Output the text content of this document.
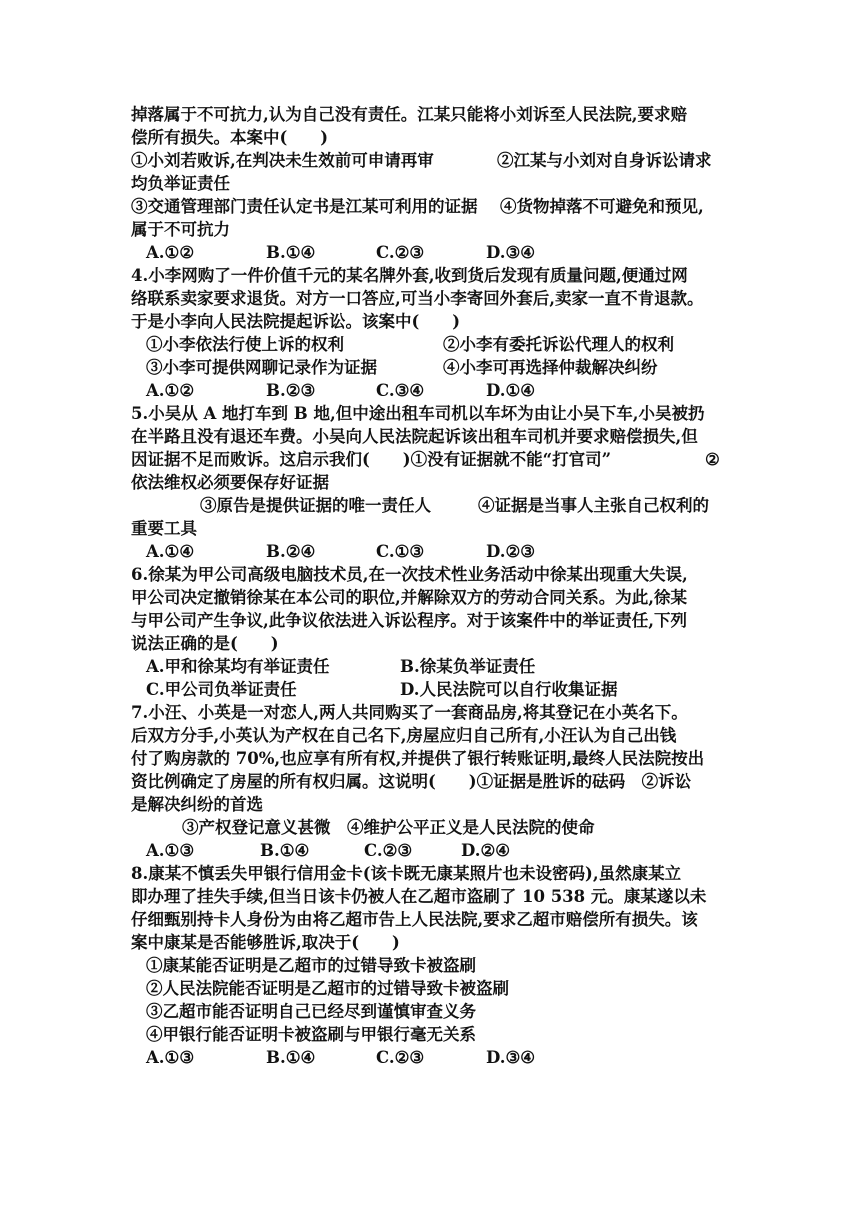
掉落属于不可抗力,认为自己没有责任。江某只能将小刘诉至人民法院,要求赔
偿所有损失。本案中(　　)
①小刘若败诉,在判决未生效前可申请再审	②江某与小刘对自身诉讼请求
均负举证责任
③交通管理部门责任认定书是江某可利用的证据 ④货物掉落不可避免和预见,
属于不可抗力
A.①②	B.①④	C.②③	D.③④
4.小李网购了一件价值千元的某名牌外套,收到货后发现有质量问题,便通过网
络联系卖家要求退货。对方一口答应,可当小李寄回外套后,卖家一直不肯退款。
于是小李向人民法院提起诉讼。该案中(　　)
①小李依法行使上诉的权利	②小李有委托诉讼代理人的权利
③小李可提供网聊记录作为证据	④小李可再选择仲裁解决纠纷
A.①②	B.②③	C.③④	D.①④
5.小吴从 A 地打车到 B 地,但中途出租车司机以车坏为由让小吴下车,小吴被扔
在半路且没有退还车费。小吴向人民法院起诉该出租车司机并要求赔偿损失,但
因证据不足而败诉。这启示我们(　　)①没有证据就不能“打官司”	②
依法维权必须要保存好证据
③原告是提供证据的唯一责任人	④证据是当事人主张自己权利的
重要工具
A.①④	B.②④	C.①③	D.②③
6.徐某为甲公司高级电脑技术员,在一次技术性业务活动中徐某出现重大失误,
甲公司决定撤销徐某在本公司的职位,并解除双方的劳动合同关系。为此,徐某
与甲公司产生争议,此争议依法进入诉讼程序。对于该案件中的举证责任,下列
说法正确的是(　　)
A.甲和徐某均有举证责任	B.徐某负举证责任
C.甲公司负举证责任	D.人民法院可以自行收集证据
7.小汪、小英是一对恋人,两人共同购买了一套商品房,将其登记在小英名下。
后双方分手,小英认为产权在自己名下,房屋应归自己所有,小汪认为自己出钱
付了购房款的 70%,也应享有所有权,并提供了银行转账证明,最终人民法院按出
资比例确定了房屋的所有权归属。这说明(　　)①证据是胜诉的砝码　②诉讼
是解决纠纷的首选
③产权登记意义甚微　④维护公平正义是人民法院的使命
A.①③	B.①④	C.②③	D.②④
8.康某不慎丢失甲银行信用金卡(该卡既无康某照片也未设密码),虽然康某立
即办理了挂失手续,但当日该卡仍被人在乙超市盗刷了 10 538 元。康某遂以未
仔细甄别持卡人身份为由将乙超市告上人民法院,要求乙超市赔偿所有损失。该
案中康某是否能够胜诉,取决于(　　)
①康某能否证明是乙超市的过错导致卡被盗刷
②人民法院能否证明是乙超市的过错导致卡被盗刷
③乙超市能否证明自己已经尽到谨慎审查义务
④甲银行能否证明卡被盗刷与甲银行毫无关系
A.①③	B.①④	C.②③	D.③④
